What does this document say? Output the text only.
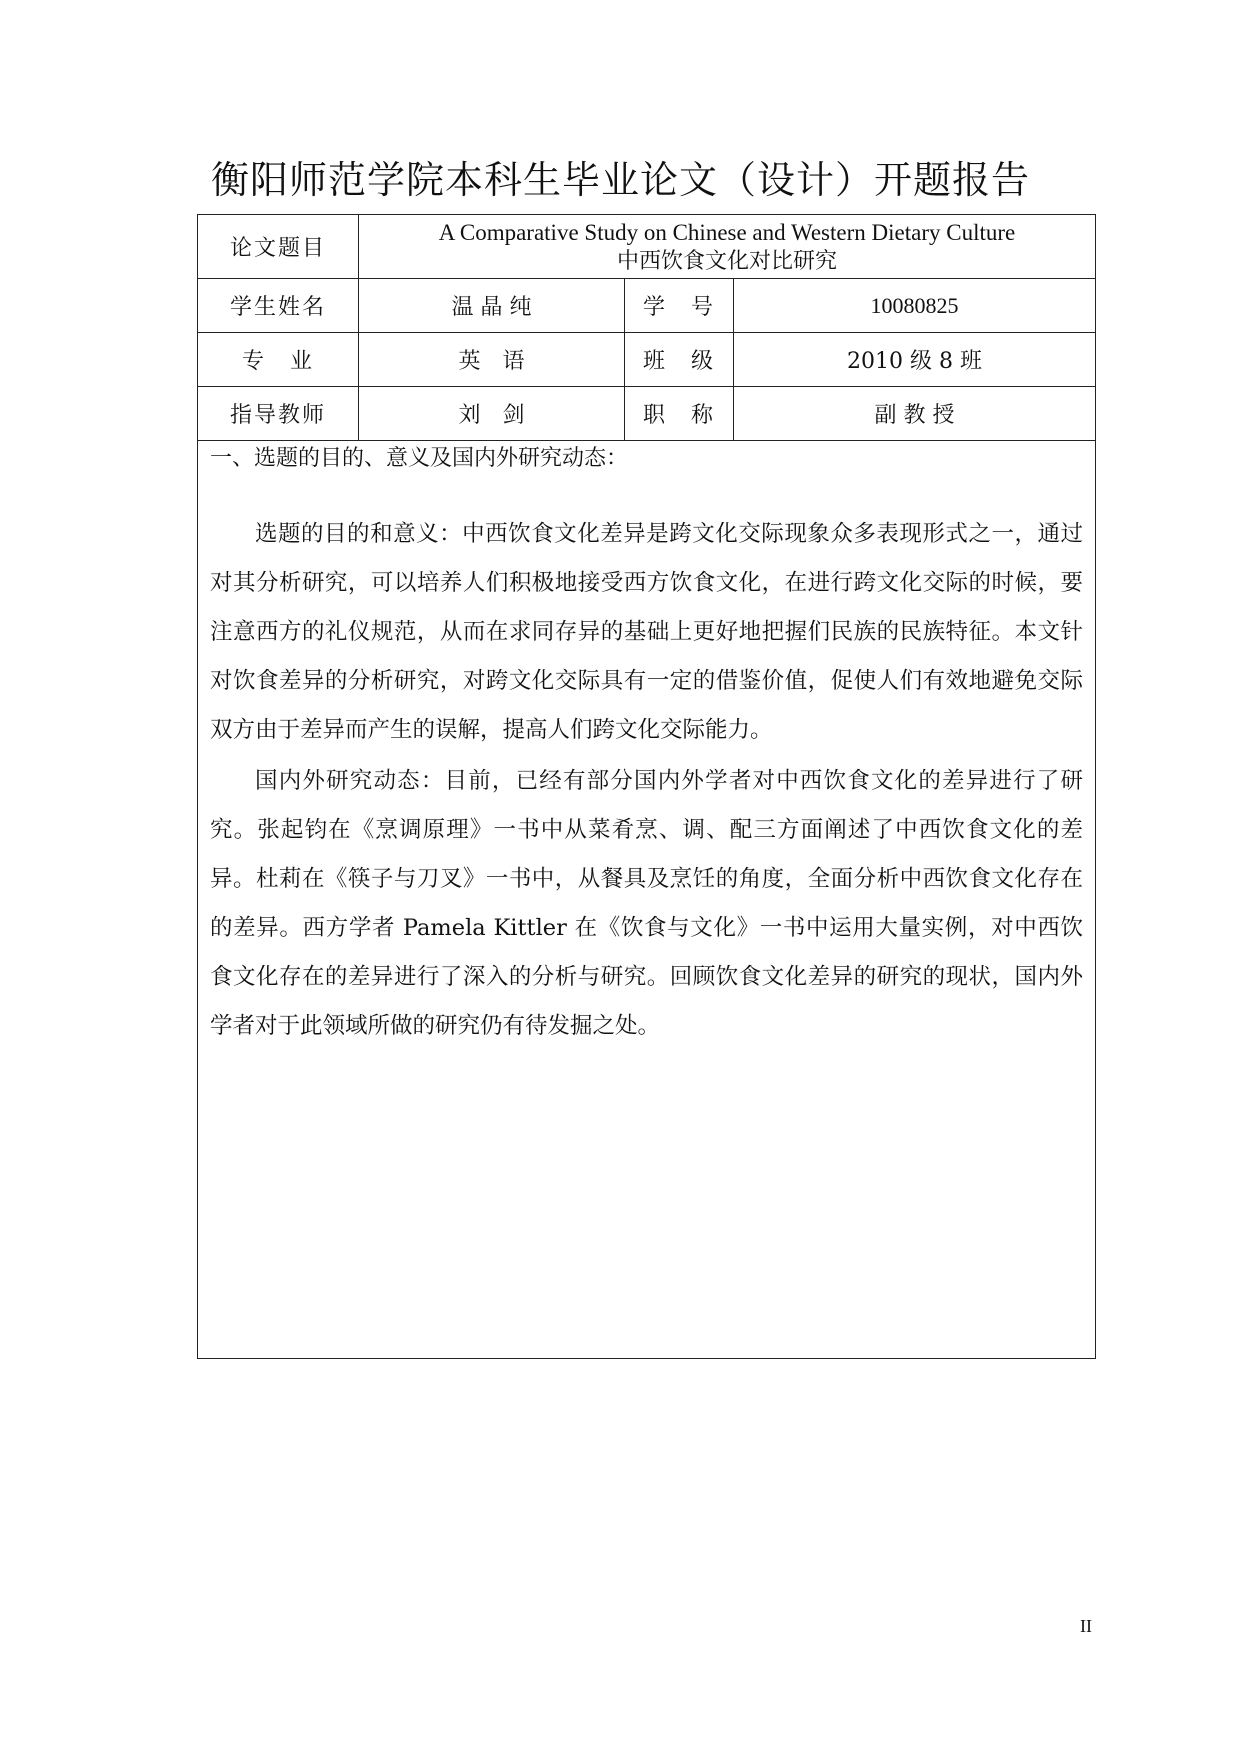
衡阳师范学院本科生毕业论文（设计）开题报告
论文题目	A Comparative Study on Chinese and Western Dietary Culture
中西饮食文化对比研究		

学生姓名	温 晶 纯	学　号	10080825
专　业	英　语	班　级	2010 级 8 班
指导教师	刘　剑	职　称	副 教 授

一、选题的目的、意义及国内外研究动态：

选题的目的和意义：中西饮食文化差异是跨文化交际现象众多表现形式之一，通过对其分析研究，可以培养人们积极地接受西方饮食文化，在进行跨文化交际的时候，要注意西方的礼仪规范，从而在求同存异的基础上更好地把握们民族的民族特征。本文针对饮食差异的分析研究，对跨文化交际具有一定的借鉴价值，促使人们有效地避免交际双方由于差异而产生的误解，提高人们跨文化交际能力。

国内外研究动态：目前，已经有部分国内外学者对中西饮食文化的差异进行了研究。张起钧在《烹调原理》一书中从菜肴烹、调、配三方面阐述了中西饮食文化的差异。杜莉在《筷子与刀叉》一书中，从餐具及烹饪的角度，全面分析中西饮食文化存在的差异。西方学者 Pamela Kittler 在《饮食与文化》一书中运用大量实例，对中西饮食文化存在的差异进行了深入的分析与研究。回顾饮食文化差异的研究的现状，国内外学者对于此领域所做的研究仍有待发掘之处。			

II
